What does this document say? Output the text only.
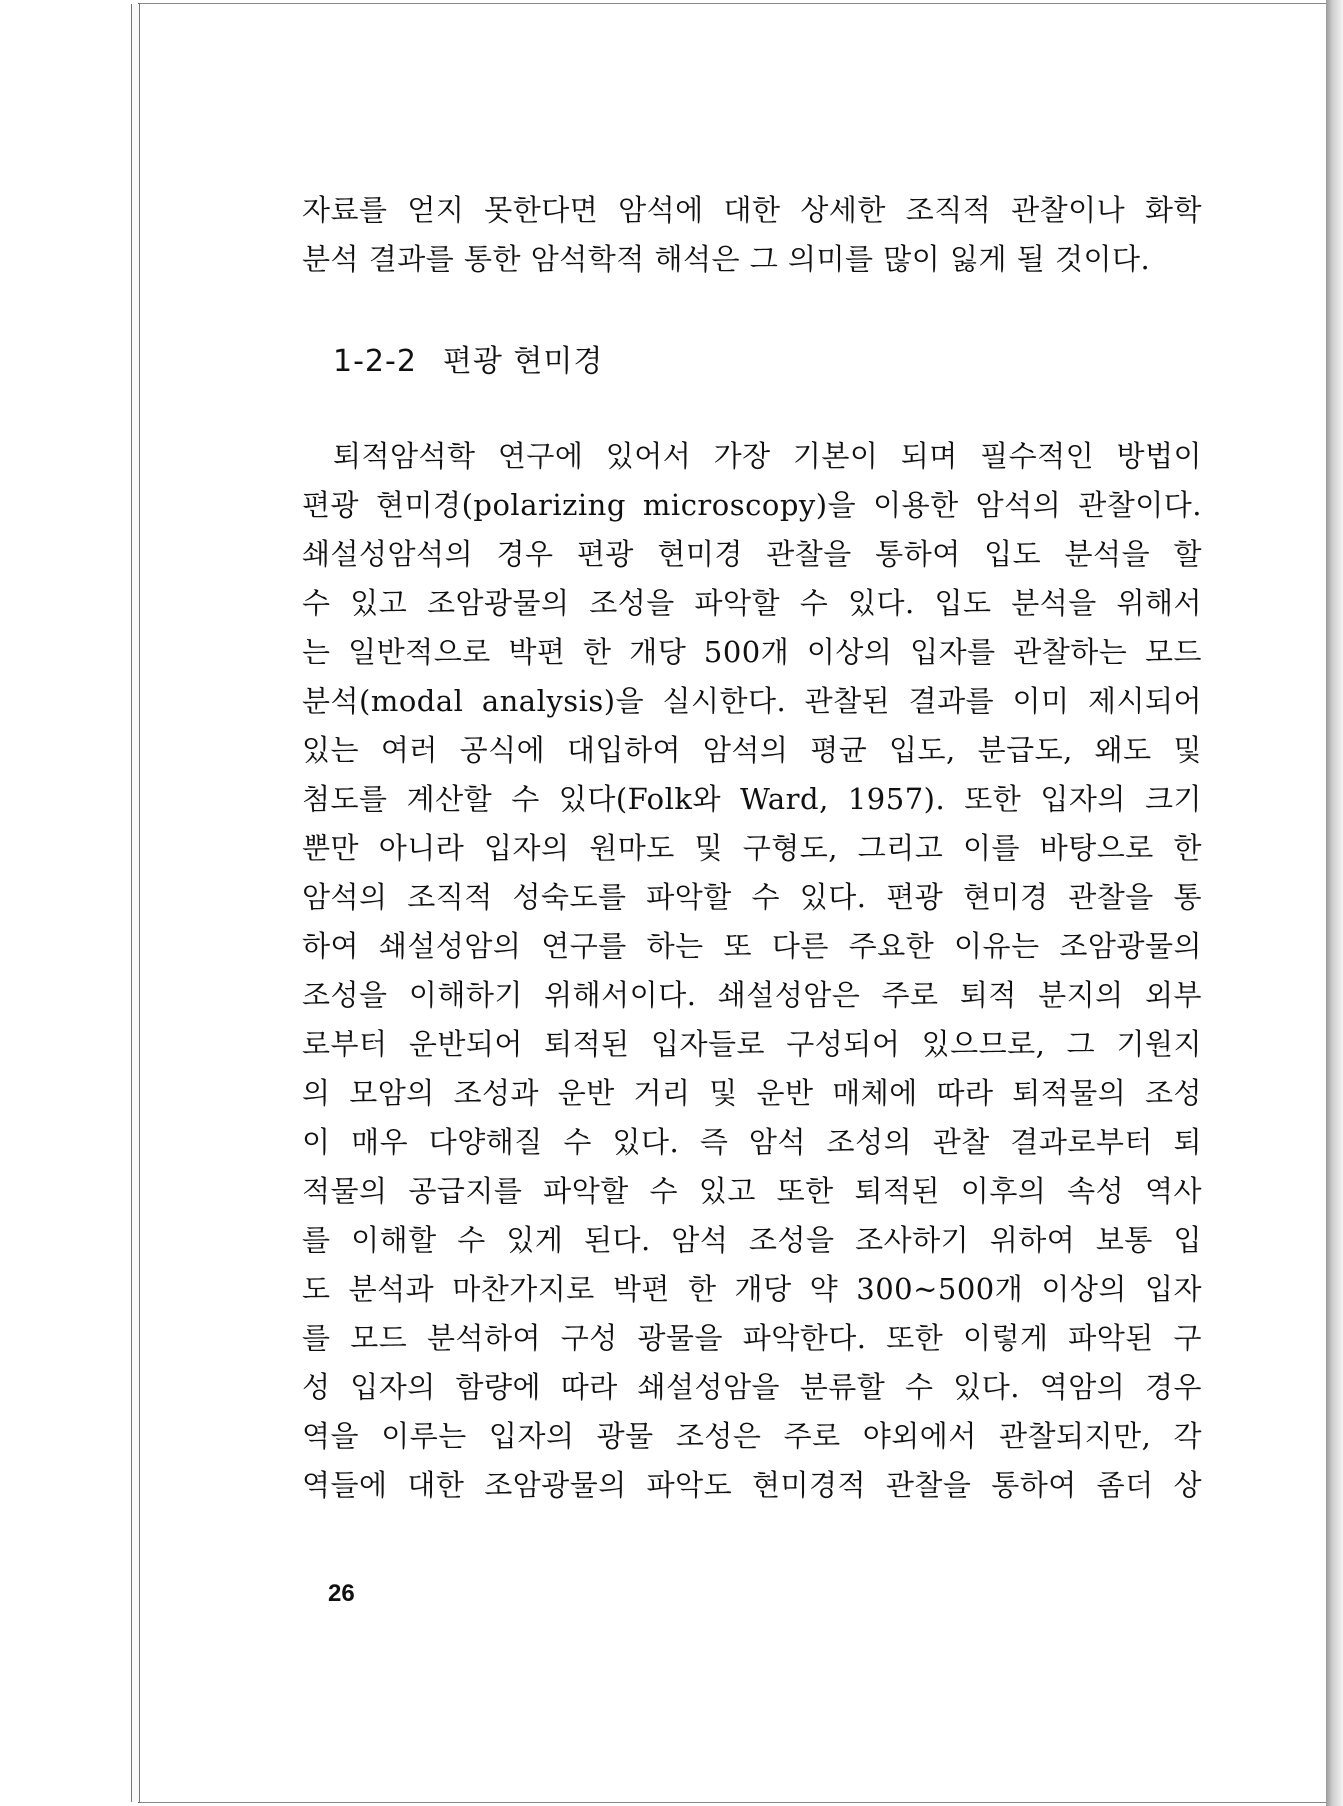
자료를 얻지 못한다면 암석에 대한 상세한 조직적 관찰이나 화학
분석 결과를 통한 암석학적 해석은 그 의미를 많이 잃게 될 것이다.
1-2-2 편광 현미경
퇴적암석학 연구에 있어서 가장 기본이 되며 필수적인 방법이
편광 현미경(polarizing microscopy)을 이용한 암석의 관찰이다.
쇄설성암석의 경우 편광 현미경 관찰을 통하여 입도 분석을 할
수 있고 조암광물의 조성을 파악할 수 있다. 입도 분석을 위해서
는 일반적으로 박편 한 개당 500개 이상의 입자를 관찰하는 모드
분석(modal analysis)을 실시한다. 관찰된 결과를 이미 제시되어
있는 여러 공식에 대입하여 암석의 평균 입도, 분급도, 왜도 및
첨도를 계산할 수 있다(Folk와 Ward, 1957). 또한 입자의 크기
뿐만 아니라 입자의 원마도 및 구형도, 그리고 이를 바탕으로 한
암석의 조직적 성숙도를 파악할 수 있다. 편광 현미경 관찰을 통
하여 쇄설성암의 연구를 하는 또 다른 주요한 이유는 조암광물의
조성을 이해하기 위해서이다. 쇄설성암은 주로 퇴적 분지의 외부
로부터 운반되어 퇴적된 입자들로 구성되어 있으므로, 그 기원지
의 모암의 조성과 운반 거리 및 운반 매체에 따라 퇴적물의 조성
이 매우 다양해질 수 있다. 즉 암석 조성의 관찰 결과로부터 퇴
적물의 공급지를 파악할 수 있고 또한 퇴적된 이후의 속성 역사
를 이해할 수 있게 된다. 암석 조성을 조사하기 위하여 보통 입
도 분석과 마찬가지로 박편 한 개당 약 300∼500개 이상의 입자
를 모드 분석하여 구성 광물을 파악한다. 또한 이렇게 파악된 구
성 입자의 함량에 따라 쇄설성암을 분류할 수 있다. 역암의 경우
역을 이루는 입자의 광물 조성은 주로 야외에서 관찰되지만, 각
역들에 대한 조암광물의 파악도 현미경적 관찰을 통하여 좀더 상
26
